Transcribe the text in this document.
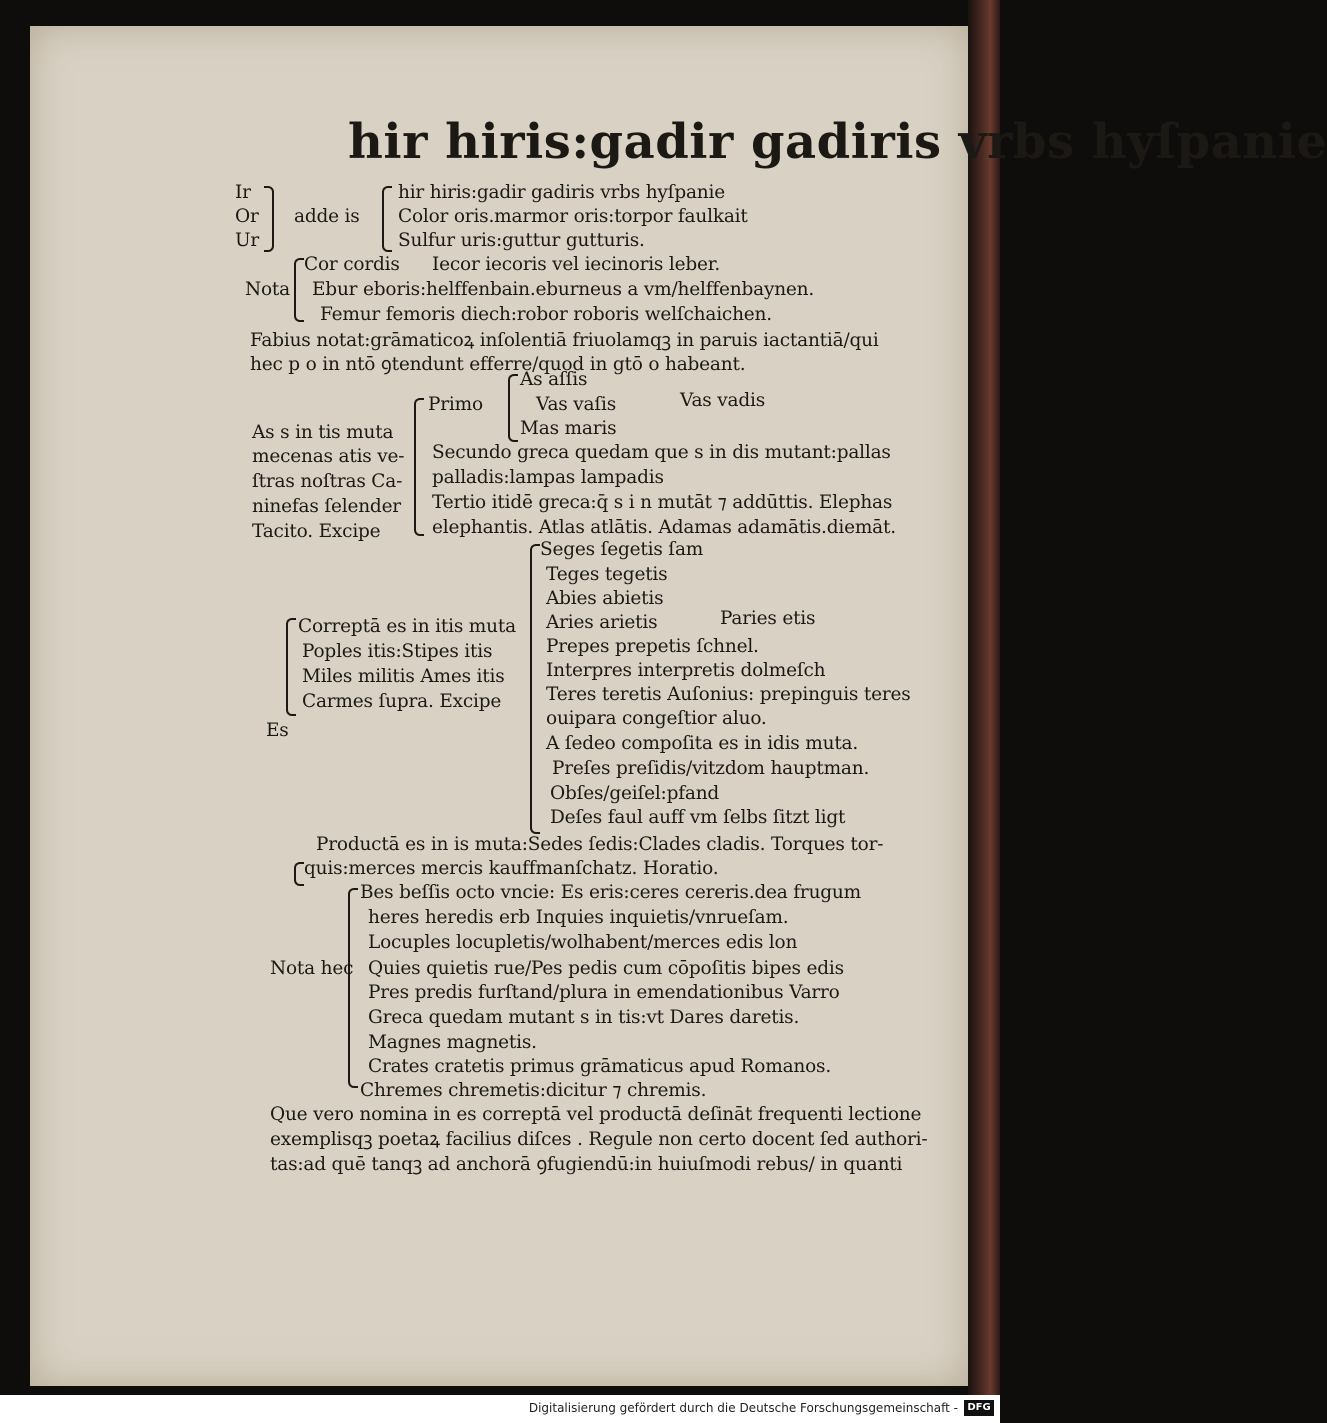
hir hiris:gadir gadiris vrbs hyſpanie
Ir
Or
Ur
adde is
hir hiris:gadir gadiris vrbs hyſpanie
Color oris.marmor oris:torpor faulkait
Sulfur uris:guttur gutturis.
Cor cordis Iecor iecoris vel iecinoris leber.
Nota Ebur eboris:helffenbain.eburneus a vm/helffenbaynen.
Femur femoris diech:robor roboris welſchaichen.
Fabius notat:grāmaticoꝝ inſolentiā friuolamqꝫ in paruis iactantiā/qui
hec p o in ntō ꝯtendunt efferre/quod in gtō o habeant.
As aſſis
Primo	Vas vaſis	Vas vadis
Mas maris
As s in tis muta
mecenas atis ve-
ſtras noſtras Ca-
ninefas ſelender
Tacito. Excipe
Secundo greca quedam que s in dis mutant:pallas
palladis:lampas lampadis
Tertio itidē greca:q̄ s i n mutāt ⁊ addūttis. Elephas
elephantis. Atlas atlātis. Adamas adamātis.diemāt.
Seges ſegetis ſam
Teges tegetis
Abies abietis
Correptā es in itis muta Aries arietis	Paries etis
Poples itis:Stipes itis	Prepes prepetis ſchnel.
Miles militis Ames itis Interpres interpretis dolmeſch
Carmes ſupra. Excipe Teres teretis Auſonius: prepinguis teres
ouipara congeſtior aluo.
Es
A ſedeo compoſita es in idis muta.
Preſes preſidis/vitzdom hauptman.
Obſes/geiſel:pfand
Deſes faul auff vm ſelbs ſitzt ligt
Productā es in is muta:Sedes ſedis:Clades cladis. Torques tor-
quis:merces mercis kauffmanſchatz. Horatio.
Bes beſſis octo vncie: Es eris:ceres cereris.dea frugum
heres heredis erb Inquies inquietis/vnrueſam.
Locuples locupletis/wolhabent/merces edis lon
Nota hec Quies quietis rue/Pes pedis cum cōpoſitis bipes edis
Pres predis furſtand/plura in emendationibus Varro
Greca quedam mutant s in tis:vt Dares daretis.
Magnes magnetis.
Crates cratetis primus grāmaticus apud Romanos.
Chremes chremetis:dicitur ⁊ chremis.
Que vero nomina in es correptā vel productā deſināt frequenti lectione
exemplisqꝫ poetaꝝ facilius diſces . Regule non certo docent ſed authori-
tas:ad quē tanqꝫ ad anchorā ꝯfugiendū:in huiuſmodi rebus/ in quanti
Digitalisierung gefördert durch die Deutsche Forschungsgemeinschaft - DFG
